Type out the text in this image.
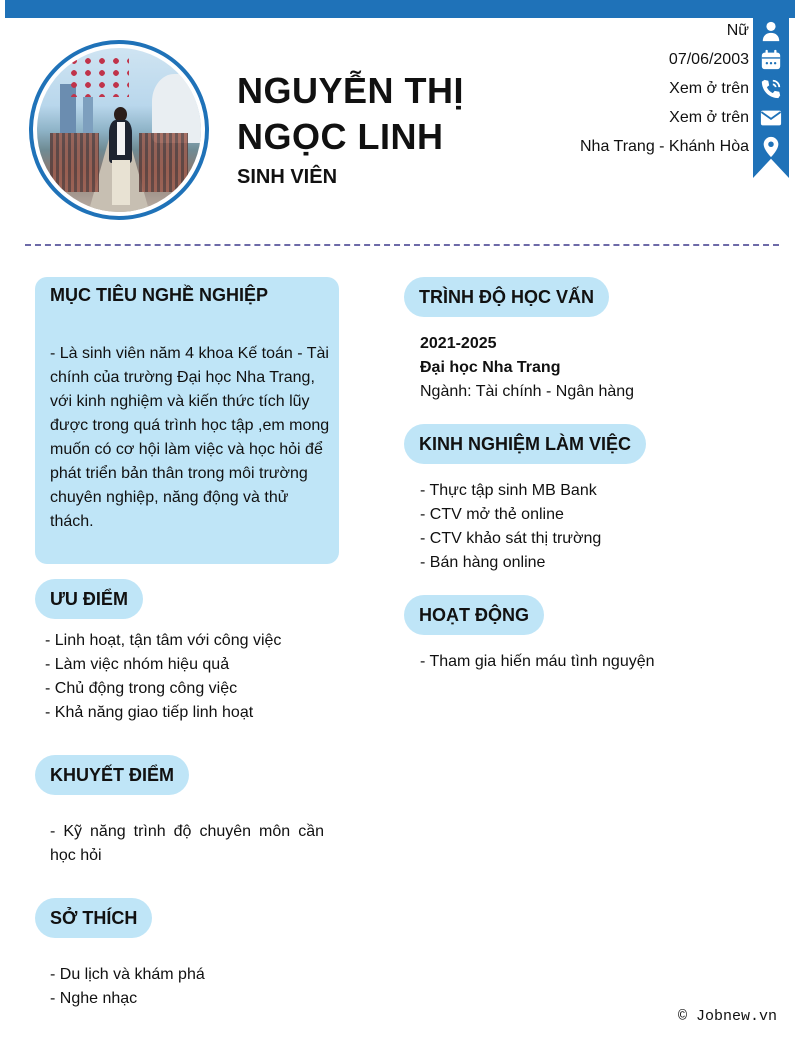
NGUYỄN THỊ
NGỌC LINH
SINH VIÊN
Nữ
07/06/2003
Xem ở trên
Xem ở trên
Nha Trang - Khánh Hòa
MỤC TIÊU NGHỀ NGHIỆP
- Là sinh viên năm 4 khoa Kế toán - Tài chính của trường Đại học Nha Trang, với kinh nghiệm và kiến thức tích lũy được trong quá trình học tập ,em mong muốn có cơ hội làm việc và học hỏi để phát triển bản thân trong môi trường chuyên nghiệp, năng động và thử thách.
ƯU ĐIỂM
- Linh hoạt, tận tâm với công việc
- Làm việc nhóm hiệu quả
- Chủ động trong công việc
- Khả năng giao tiếp linh hoạt
KHUYẾT ĐIỂM
- Kỹ năng trình độ chuyên môn cần học hỏi
SỞ THÍCH
- Du lịch và khám phá
- Nghe nhạc
TRÌNH ĐỘ HỌC VẤN
2021-2025
Đại học Nha Trang
Ngành: Tài chính - Ngân hàng
KINH NGHIỆM LÀM VIỆC
- Thực tập sinh MB Bank
- CTV mở thẻ online
- CTV khảo sát thị trường
- Bán hàng online
HOẠT ĐỘNG
- Tham gia hiến máu tình nguyện
© Jobnew.vn
